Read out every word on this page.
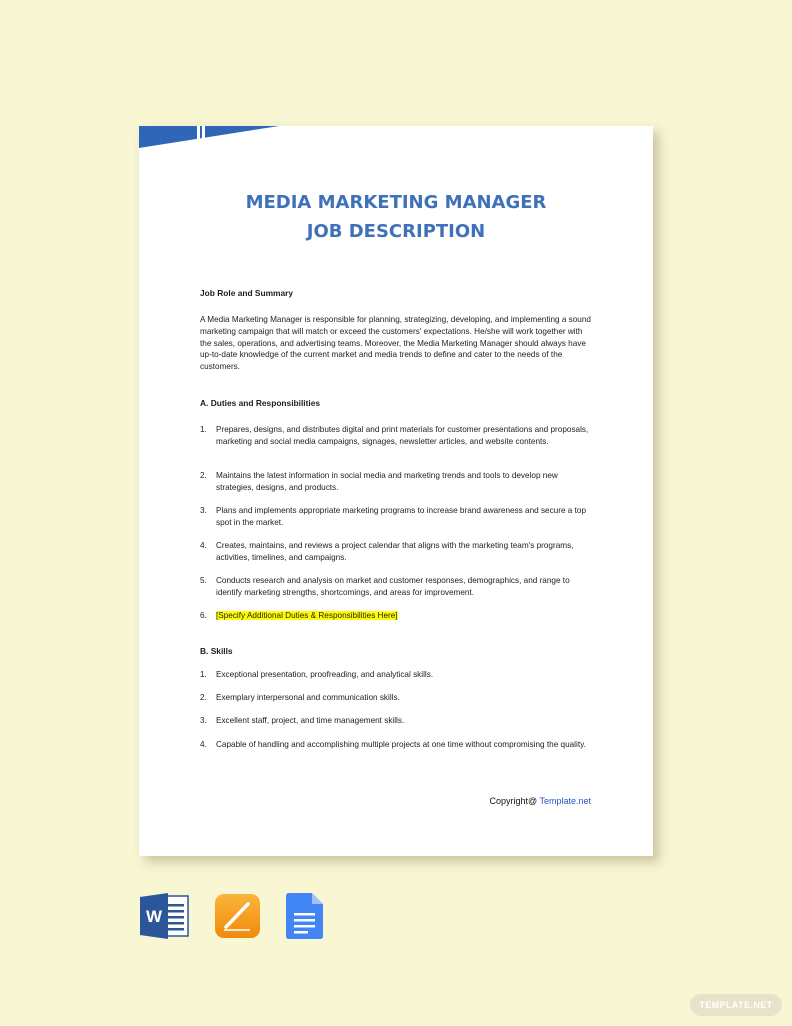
MEDIA MARKETING MANAGER
JOB DESCRIPTION
Job Role and Summary
A Media Marketing Manager is responsible for planning, strategizing, developing, and implementing a sound marketing campaign that will match or exceed the customers' expectations. He/she will work together with the sales, operations, and advertising teams. Moreover, the Media Marketing Manager should always have up-to-date knowledge of the current market and media trends to define and cater to the needs of the customers.
A. Duties and Responsibilities
1.	Prepares, designs, and distributes digital and print materials for customer presentations and proposals, marketing and social media campaigns, signages, newsletter articles, and website contents.
2.	Maintains the latest information in social media and marketing trends and tools to develop new strategies, designs, and products.
3.	Plans and implements appropriate marketing programs to increase brand awareness and secure a top spot in the market.
4.	Creates, maintains, and reviews a project calendar that aligns with the marketing team's programs, activities, timelines, and campaigns.
5.	Conducts research and analysis on market and customer responses, demographics, and range to identify marketing strengths, shortcomings, and areas for improvement.
6.	[Specify Additional Duties & Responsibilities Here]
B. Skills
1.	Exceptional presentation, proofreading, and analytical skills.
2.	Exemplary interpersonal and communication skills.
3.	Excellent staff, project, and time management skills.
4.	Capable of handling and accomplishing multiple projects at one time without compromising the quality.
Copyright@ Template.net
W
TEMPLATE.NET
